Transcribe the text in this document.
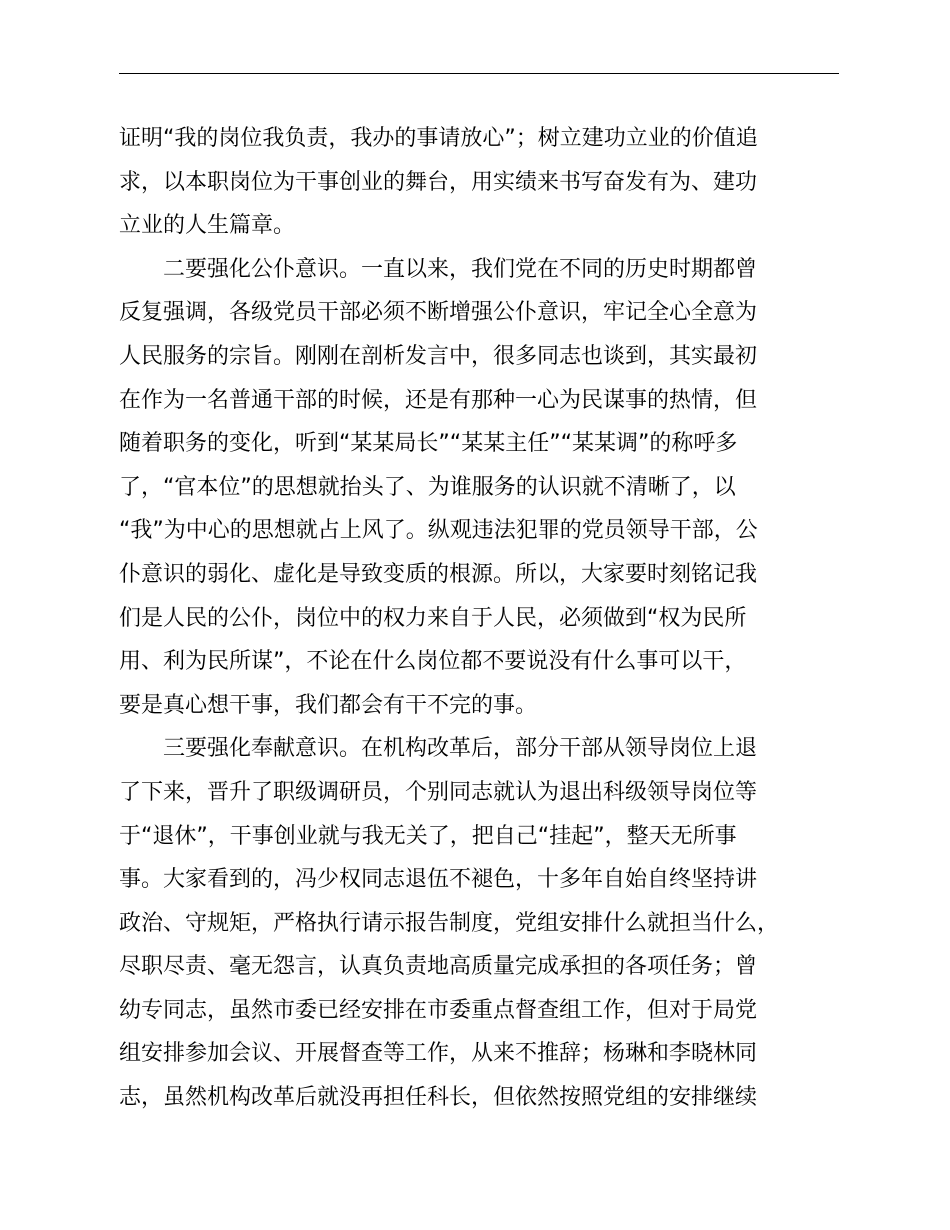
证明“我的岗位我负责，我办的事请放心”；树立建功立业的价值追
求，以本职岗位为干事创业的舞台，用实绩来书写奋发有为、建功
立业的人生篇章。
二要强化公仆意识。一直以来，我们党在不同的历史时期都曾
反复强调，各级党员干部必须不断增强公仆意识，牢记全心全意为
人民服务的宗旨。刚刚在剖析发言中，很多同志也谈到，其实最初
在作为一名普通干部的时候，还是有那种一心为民谋事的热情，但
随着职务的变化，听到“某某局长”“某某主任”“某某调”的称呼多
了，“官本位”的思想就抬头了、为谁服务的认识就不清晰了，以
“我”为中心的思想就占上风了。纵观违法犯罪的党员领导干部，公
仆意识的弱化、虚化是导致变质的根源。所以，大家要时刻铭记我
们是人民的公仆，岗位中的权力来自于人民，必须做到“权为民所
用、利为民所谋”，不论在什么岗位都不要说没有什么事可以干，
要是真心想干事，我们都会有干不完的事。
三要强化奉献意识。在机构改革后，部分干部从领导岗位上退
了下来，晋升了职级调研员，个别同志就认为退出科级领导岗位等
于“退休”，干事创业就与我无关了，把自己“挂起”，整天无所事
事。大家看到的，冯少权同志退伍不褪色，十多年自始自终坚持讲
政治、守规矩，严格执行请示报告制度，党组安排什么就担当什么，
尽职尽责、毫无怨言，认真负责地高质量完成承担的各项任务；曾
幼专同志，虽然市委已经安排在市委重点督查组工作，但对于局党
组安排参加会议、开展督查等工作，从来不推辞；杨琳和李晓林同
志，虽然机构改革后就没再担任科长，但依然按照党组的安排继续
